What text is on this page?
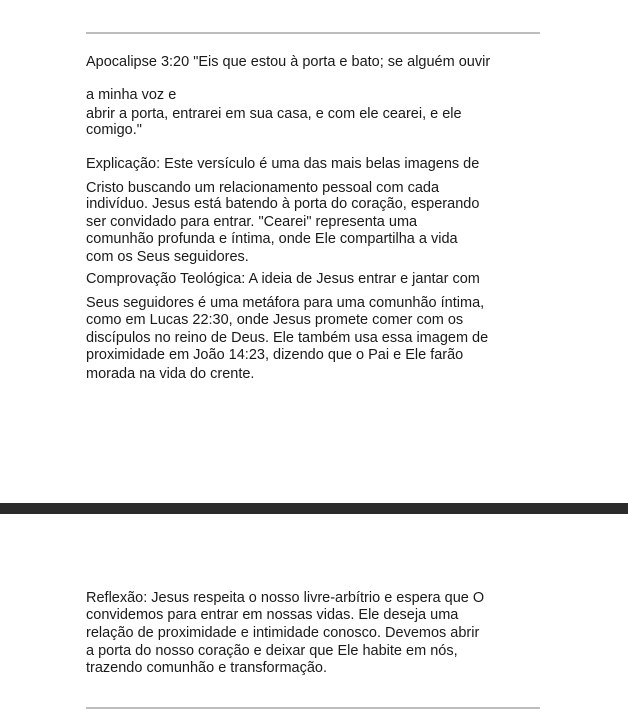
Apocalipse 3:20 "Eis que estou à porta e bato; se alguém ouvir
a minha voz e
abrir a porta, entrarei em sua casa, e com ele cearei, e ele
comigo."
Explicação: Este versículo é uma das mais belas imagens de
Cristo buscando um relacionamento pessoal com cada
indivíduo. Jesus está batendo à porta do coração, esperando
ser convidado para entrar. "Cearei" representa uma
comunhão profunda e íntima, onde Ele compartilha a vida
com os Seus seguidores.
Comprovação Teológica: A ideia de Jesus entrar e jantar com
Seus seguidores é uma metáfora para uma comunhão íntima,
como em Lucas 22:30, onde Jesus promete comer com os
discípulos no reino de Deus. Ele também usa essa imagem de
proximidade em João 14:23, dizendo que o Pai e Ele farão
morada na vida do crente.
Reflexão: Jesus respeita o nosso livre-arbítrio e espera que O
convidemos para entrar em nossas vidas. Ele deseja uma
relação de proximidade e intimidade conosco. Devemos abrir
a porta do nosso coração e deixar que Ele habite em nós,
trazendo comunhão e transformação.
